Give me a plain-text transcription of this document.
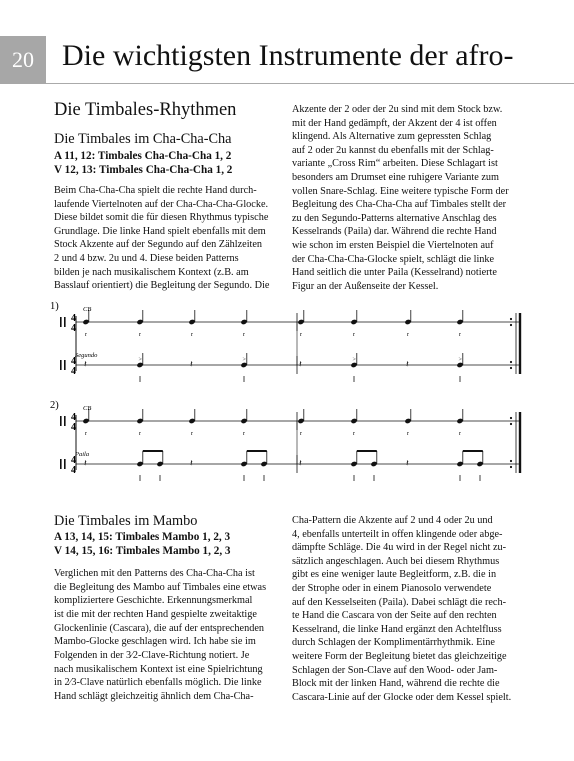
20 Die wichtigsten Instrumente der afro-
Die Timbales-Rhythmen
Die Timbales im Cha-Cha-Cha
A 11, 12: Timbales Cha-Cha-Cha 1, 2
V 12, 13: Timbales Cha-Cha-Cha 1, 2
Beim Cha-Cha-Cha spielt die rechte Hand durch-
laufende Viertelnoten auf der Cha-Cha-Cha-Glocke.
Diese bildet somit die für diesen Rhythmus typische
Grundlage. Die linke Hand spielt ebenfalls mit dem
Stock Akzente auf der Segundo auf den Zählzeiten
2 und 4 bzw. 2u und 4. Diese beiden Patterns
bilden je nach musikalischem Kontext (z.B. am
Basslauf orientiert) die Begleitung der Segundo. Die
Akzente der 2 oder der 2u sind mit dem Stock bzw.
mit der Hand gedämpft, der Akzent der 4 ist offen
klingend. Als Alternative zum gepressten Schlag
auf 2 oder 2u kannst du ebenfalls mit der Schlag-
variante „Cross Rim“ arbeiten. Diese Schlagart ist
besonders am Drumset eine ruhigere Variante zum
vollen Snare-Schlag. Eine weitere typische Form der
Begleitung des Cha-Cha-Cha auf Timbales stellt der
zu den Segundo-Patterns alternative Anschlag des
Kesselrands (Paila) dar. Während die rechte Hand
wie schon im ersten Beispiel die Viertelnoten auf
der Cha-Cha-Cha-Glocke spielt, schlägt die linke
Hand seitlich die unter Paila (Kesselrand) notierte
Figur an der Außenseite der Kessel.
1)
4
4
4
4
CB
Segundo
r	r	r	r	r	r	r	r
>	>	>	>
𝄽	𝄽	𝄽	𝄽
2)
4
4
4
4
CB
Paila
r	r	r	r	r	r	r	r
𝄽	𝄽	𝄽	𝄽
Die Timbales im Mambo
A 13, 14, 15: Timbales Mambo 1, 2, 3
V 14, 15, 16: Timbales Mambo 1, 2, 3
Verglichen mit den Patterns des Cha-Cha-Cha ist
die Begleitung des Mambo auf Timbales eine etwas
kompliziertere Geschichte. Erkennungsmerkmal
ist die mit der rechten Hand gespielte zweitaktige
Glockenlinie (Cascara), die auf der entsprechenden
Mambo-Glocke geschlagen wird. Ich habe sie im
Folgenden in der 3⁄2-Clave-Richtung notiert. Je
nach musikalischem Kontext ist eine Spielrichtung
in 2⁄3-Clave natürlich ebenfalls möglich. Die linke
Hand schlägt gleichzeitig ähnlich dem Cha-Cha-
Cha-Pattern die Akzente auf 2 und 4 oder 2u und
4, ebenfalls unterteilt in offen klingende oder abge-
dämpfte Schläge. Die 4u wird in der Regel nicht zu-
sätzlich angeschlagen. Auch bei diesem Rhythmus
gibt es eine weniger laute Begleitform, z.B. die in
der Strophe oder in einem Pianosolo verwendete
auf den Kesselseiten (Paila). Dabei schlägt die rech-
te Hand die Cascara von der Seite auf den rechten
Kesselrand, die linke Hand ergänzt den Achtelfluss
durch Schlagen der Komplimentärrhythmik. Eine
weitere Form der Begleitung bietet das gleichzeitige
Schlagen der Son-Clave auf den Wood- oder Jam-
Block mit der linken Hand, während die rechte die
Cascara-Linie auf der Glocke oder dem Kessel spielt.
